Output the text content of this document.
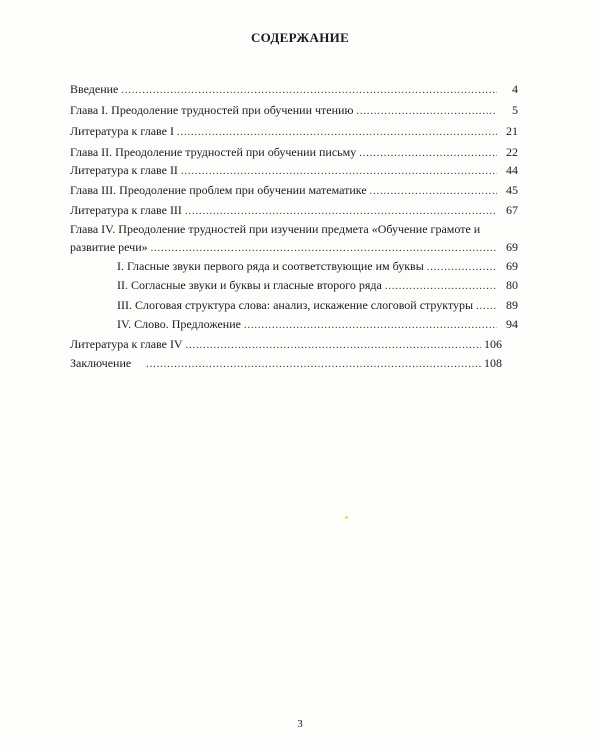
СОДЕРЖАНИЕ
Введение .....	4
Глава I. Преодоление трудностей при обучении чтению .....	5
Литература к главе I .....	21
Глава II. Преодоление трудностей при обучении письму .....	22
Литература к главе II .....	44
Глава III. Преодоление проблем при обучении математике .....	45
Литература к главе III .....	67
Глава IV. Преодоление трудностей при изучении предмета «Обучение грамоте и
развитие речи» .....	69
I. Гласные звуки первого ряда и соответствующие им буквы .....	69
II. Согласные звуки и буквы и гласные второго ряда .....	80
III. Слоговая структура слова: анализ, искажение слоговой структуры .....	89
IV. Слово. Предложение .....	94
Литература к главе IV .....	106
Заключение .....	108
3
